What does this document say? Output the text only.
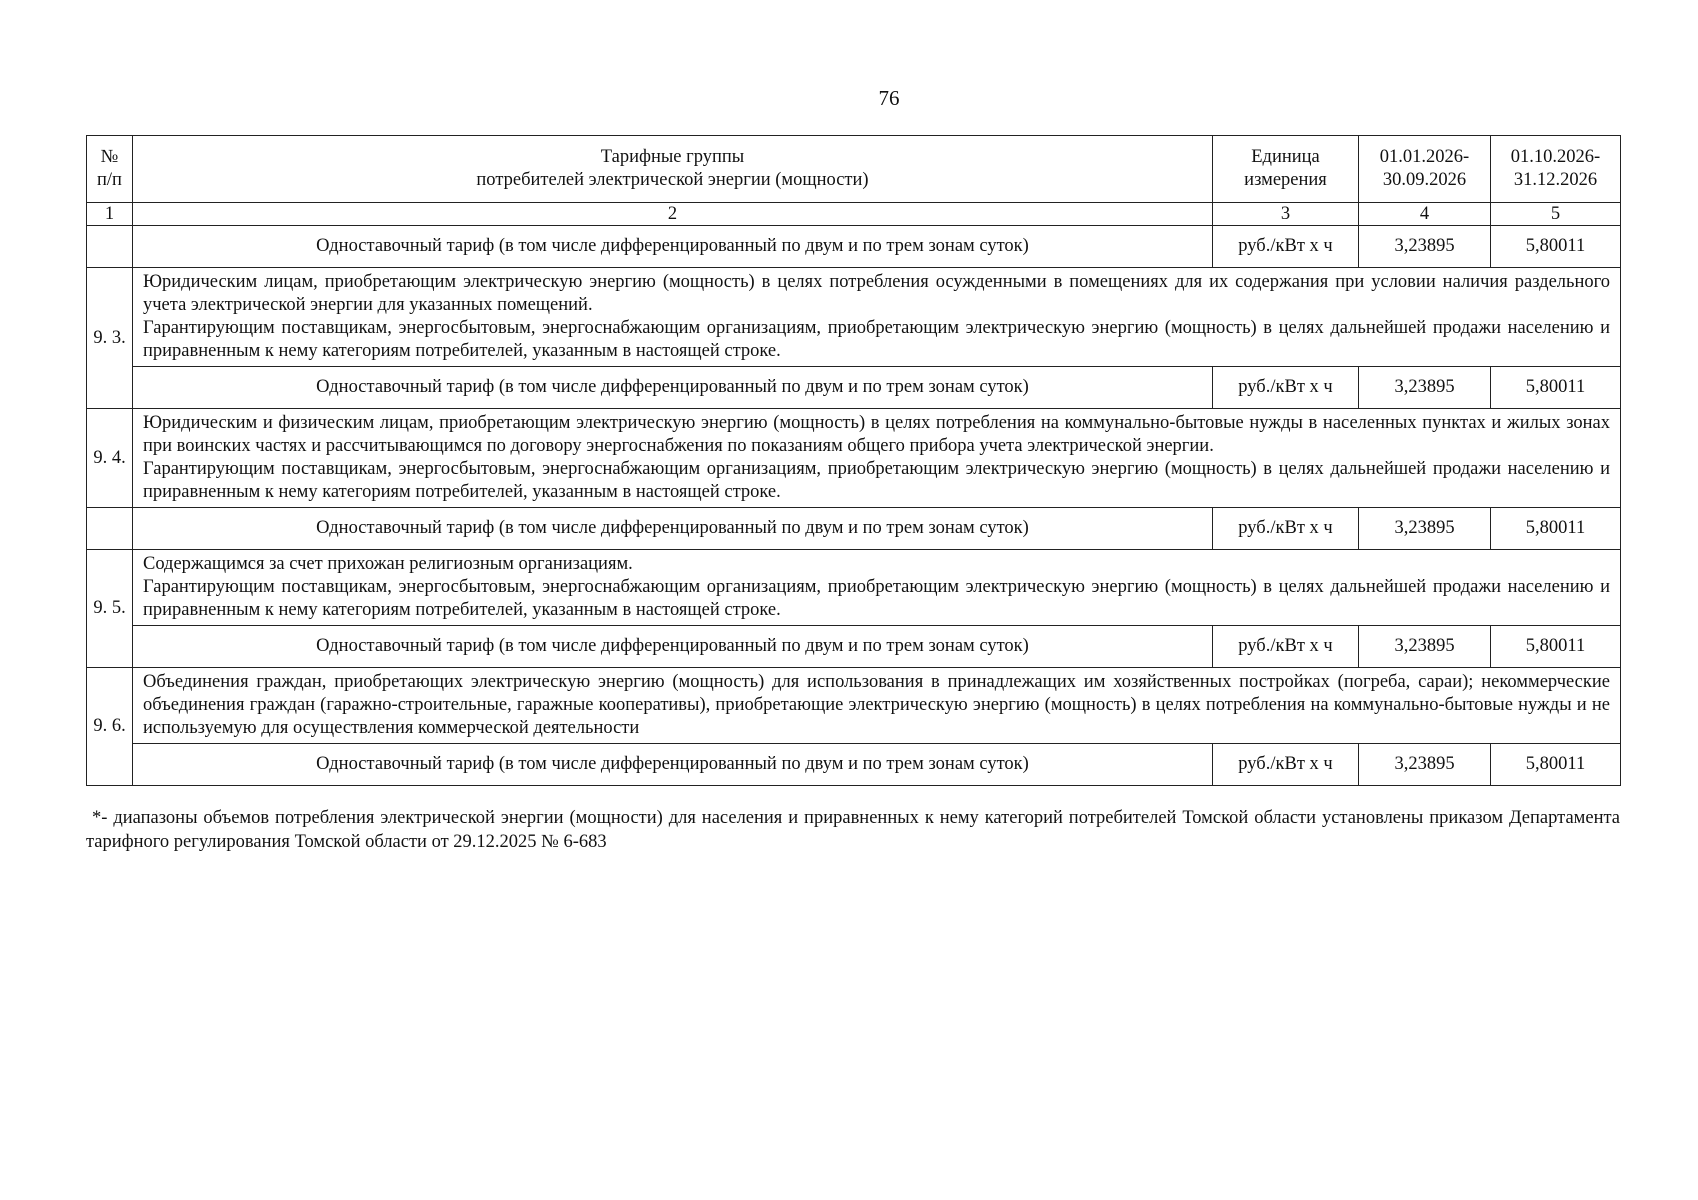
76
№ п/п	Тарифные группы
потребителей электрической энергии (мощности)	Единица измерения	01.01.2026- 30.09.2026	01.10.2026- 31.12.2026
1	2	3	4	5
	Одноставочный тариф (в том числе дифференцированный по двум и по трем зонам суток)	руб./кВт х ч	3,23895	5,80011
9. 3.	Юридическим лицам, приобретающим электрическую энергию (мощность) в целях потребления осужденными в помещениях для их содержания при условии наличия раздельного учета электрической энергии для указанных помещений.
Гарантирующим поставщикам, энергосбытовым, энергоснабжающим организациям, приобретающим электрическую энергию (мощность) в целях дальнейшей продажи населению и приравненным к нему категориям потребителей, указанным в настоящей строке.			

	Одноставочный тариф (в том числе дифференцированный по двум и по трем зонам суток)	руб./кВт х ч	3,23895	5,80011
9. 4.	Юридическим и физическим лицам, приобретающим электрическую энергию (мощность) в целях потребления на коммунально-бытовые нужды в населенных пунктах и жилых зонах при воинских частях и рассчитывающимся по договору энергоснабжения по показаниям общего прибора учета электрической энергии.
Гарантирующим поставщикам, энергосбытовым, энергоснабжающим организациям, приобретающим электрическую энергию (мощность) в целях дальнейшей продажи населению и приравненным к нему категориям потребителей, указанным в настоящей строке.			

	Одноставочный тариф (в том числе дифференцированный по двум и по трем зонам суток)	руб./кВт х ч	3,23895	5,80011
9. 5.	Содержащимся за счет прихожан религиозным организациям.
Гарантирующим поставщикам, энергосбытовым, энергоснабжающим организациям, приобретающим электрическую энергию (мощность) в целях дальнейшей продажи населению и приравненным к нему категориям потребителей, указанным в настоящей строке.			

	Одноставочный тариф (в том числе дифференцированный по двум и по трем зонам суток)	руб./кВт х ч	3,23895	5,80011
9. 6.	Объединения граждан, приобретающих электрическую энергию (мощность) для использования в принадлежащих им хозяйственных постройках (погреба, сараи); некоммерческие объединения граждан (гаражно-строительные, гаражные кооперативы), приобретающие электрическую энергию (мощность) в целях потребления на коммунально-бытовые нужды и не используемую для осуществления коммерческой деятельности			

	Одноставочный тариф (в том числе дифференцированный по двум и по трем зонам суток)	руб./кВт х ч	3,23895	5,80011
*- диапазоны объемов потребления электрической энергии (мощности) для населения и приравненных к нему категорий потребителей Томской области установлены приказом Департамента тарифного регулирования Томской области от 29.12.2025 № 6-683
